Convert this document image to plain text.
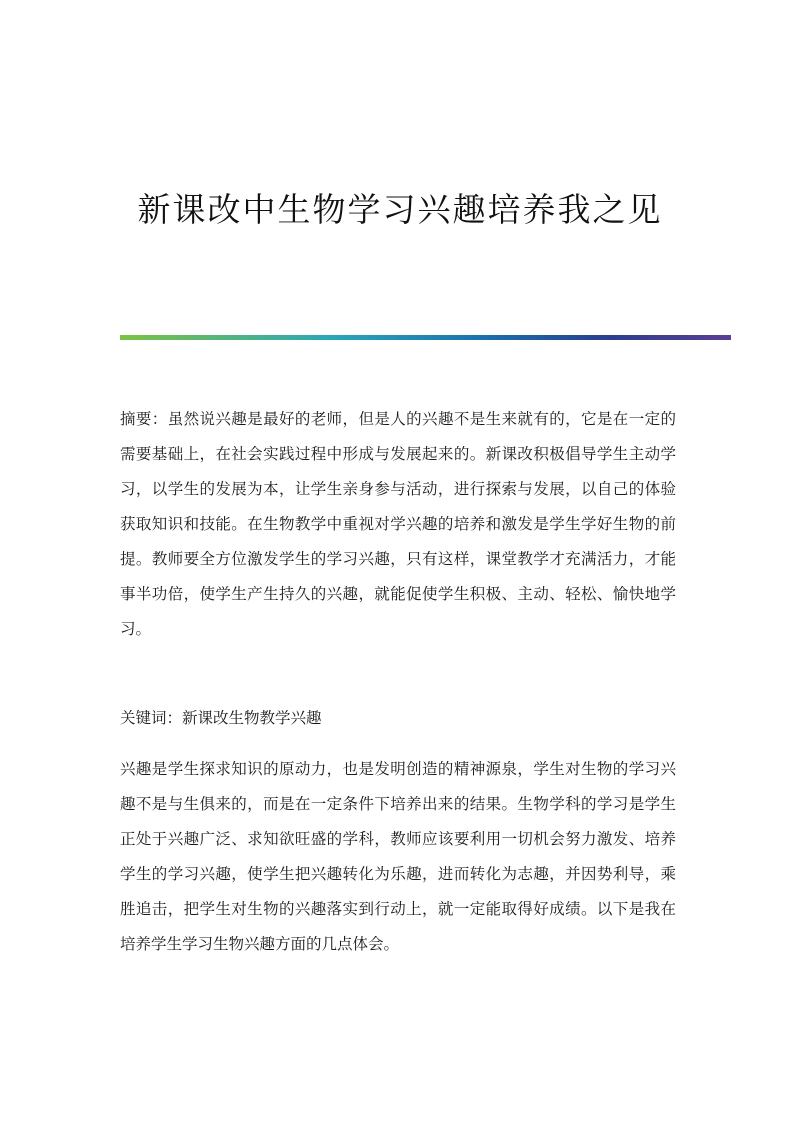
新课改中生物学习兴趣培养我之见

摘要：虽然说兴趣是最好的老师，但是人的兴趣不是生来就有的，它是在一定的需要基础上，在社会实践过程中形成与发展起来的。新课改积极倡导学生主动学习，以学生的发展为本，让学生亲身参与活动，进行探索与发展，以自己的体验获取知识和技能。在生物教学中重视对学兴趣的培养和激发是学生学好生物的前提。教师要全方位激发学生的学习兴趣，只有这样，课堂教学才充满活力，才能事半功倍，使学生产生持久的兴趣，就能促使学生积极、主动、轻松、愉快地学习。

关键词：新课改生物教学兴趣

兴趣是学生探求知识的原动力，也是发明创造的精神源泉，学生对生物的学习兴趣不是与生俱来的，而是在一定条件下培养出来的结果。生物学科的学习是学生正处于兴趣广泛、求知欲旺盛的学科，教师应该要利用一切机会努力激发、培养学生的学习兴趣，使学生把兴趣转化为乐趣，进而转化为志趣，并因势利导，乘胜追击，把学生对生物的兴趣落实到行动上，就一定能取得好成绩。以下是我在培养学生学习生物兴趣方面的几点体会。
